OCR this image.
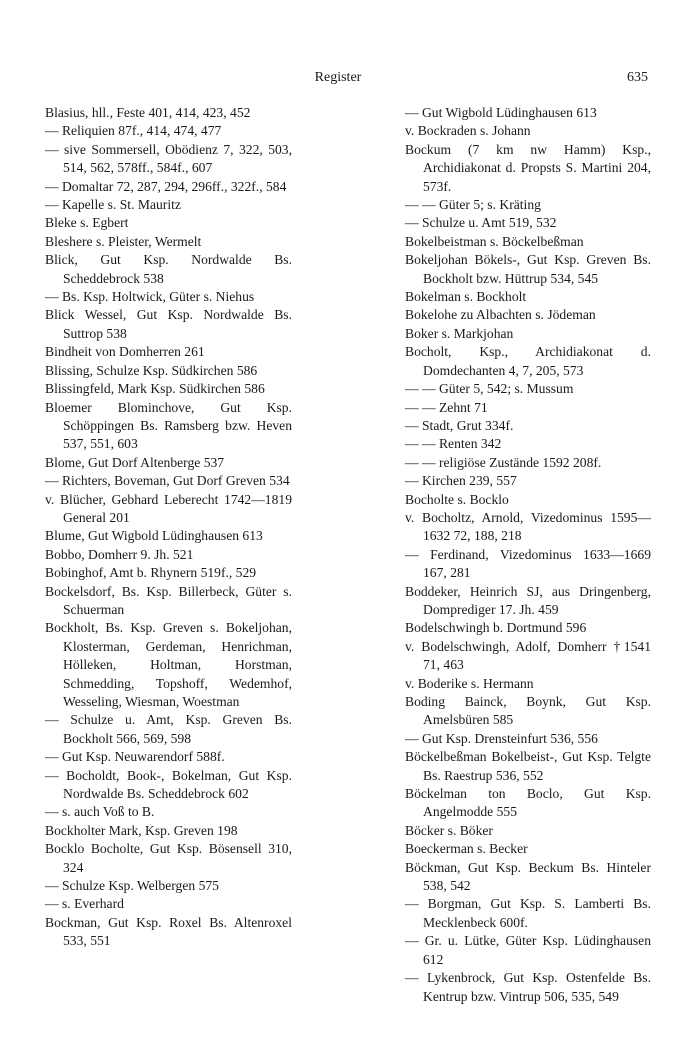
Register	635

Blasius, hll., Feste 401, 414, 423, 452

— Reliquien 87f., 414, 474, 477

— sive Sommersell, Obödienz 7, 322, 503, 514, 562, 578ff., 584f., 607

— Domaltar 72, 287, 294, 296ff., 322f., 584

— Kapelle s. St. Mauritz

Bleke s. Egbert

Bleshere s. Pleister, Wermelt

Blick, Gut Ksp. Nordwalde Bs. Scheddebrock 538

— Bs. Ksp. Holtwick, Güter s. Niehus

Blick Wessel, Gut Ksp. Nordwalde Bs. Suttrop 538

Bindheit von Domherren 261

Blissing, Schulze Ksp. Südkirchen 586

Blissingfeld, Mark Ksp. Südkirchen 586

Bloemer Blominchove, Gut Ksp. Schöppingen Bs. Ramsberg bzw. Heven 537, 551, 603

Blome, Gut Dorf Altenberge 537

— Richters, Boveman, Gut Dorf Greven 534

v. Blücher, Gebhard Leberecht 1742—1819 General 201

Blume, Gut Wigbold Lüdinghausen 613

Bobbo, Domherr 9. Jh. 521

Bobinghof, Amt b. Rhynern 519f., 529

Bockelsdorf, Bs. Ksp. Billerbeck, Güter s. Schuerman

Bockholt, Bs. Ksp. Greven s. Bokeljohan, Klosterman, Gerdeman, Henrichman, Hölleken, Holtman, Horstman, Schmedding, Topshoff, Wedemhof, Wesseling, Wiesman, Woestman

— Schulze u. Amt, Ksp. Greven Bs. Bockholt 566, 569, 598

— Gut Ksp. Neuwarendorf 588f.

— Bocholdt, Book-, Bokelman, Gut Ksp. Nordwalde Bs. Scheddebrock 602

— s. auch Voß to B.

Bockholter Mark, Ksp. Greven 198

Bocklo Bocholte, Gut Ksp. Bösensell 310, 324

— Schulze Ksp. Welbergen 575

— s. Everhard

Bockman, Gut Ksp. Roxel Bs. Altenroxel 533, 551

— Gut Wigbold Lüdinghausen 613

v. Bockraden s. Johann

Bockum (7 km nw Hamm) Ksp., Archidiakonat d. Propsts S. Martini 204, 573f.

— — Güter 5; s. Kräting

— Schulze u. Amt 519, 532

Bokelbeistman s. Böckelbeßman

Bokeljohan Bökels-, Gut Ksp. Greven Bs. Bockholt bzw. Hüttrup 534, 545

Bokelman s. Bockholt

Bokelohe zu Albachten s. Jödeman

Boker s. Markjohan

Bocholt, Ksp., Archidiakonat d. Domdechanten 4, 7, 205, 573

— — Güter 5, 542; s. Mussum

— — Zehnt 71

— Stadt, Grut 334f.

— — Renten 342

— — religiöse Zustände 1592 208f.

— Kirchen 239, 557

Bocholte s. Bocklo

v. Bocholtz, Arnold, Vizedominus 1595—1632 72, 188, 218

— Ferdinand, Vizedominus 1633—1669 167, 281

Boddeker, Heinrich SJ, aus Dringenberg, Domprediger 17. Jh. 459

Bodelschwingh b. Dortmund 596

v. Bodelschwingh, Adolf, Domherr †1541 71, 463

v. Boderike s. Hermann

Boding Bainck, Boynk, Gut Ksp. Amelsbüren 585

— Gut Ksp. Drensteinfurt 536, 556

Böckelbeßman Bokelbeist-, Gut Ksp. Telgte Bs. Raestrup 536, 552

Böckelman ton Boclo, Gut Ksp. Angelmodde 555

Böcker s. Böker

Boeckerman s. Becker

Böckman, Gut Ksp. Beckum Bs. Hinteler 538, 542

— Borgman, Gut Ksp. S. Lamberti Bs. Mecklenbeck 600f.

— Gr. u. Lütke, Güter Ksp. Lüdinghausen 612

— Lykenbrock, Gut Ksp. Ostenfelde Bs. Kentrup bzw. Vintrup 506, 535, 549
